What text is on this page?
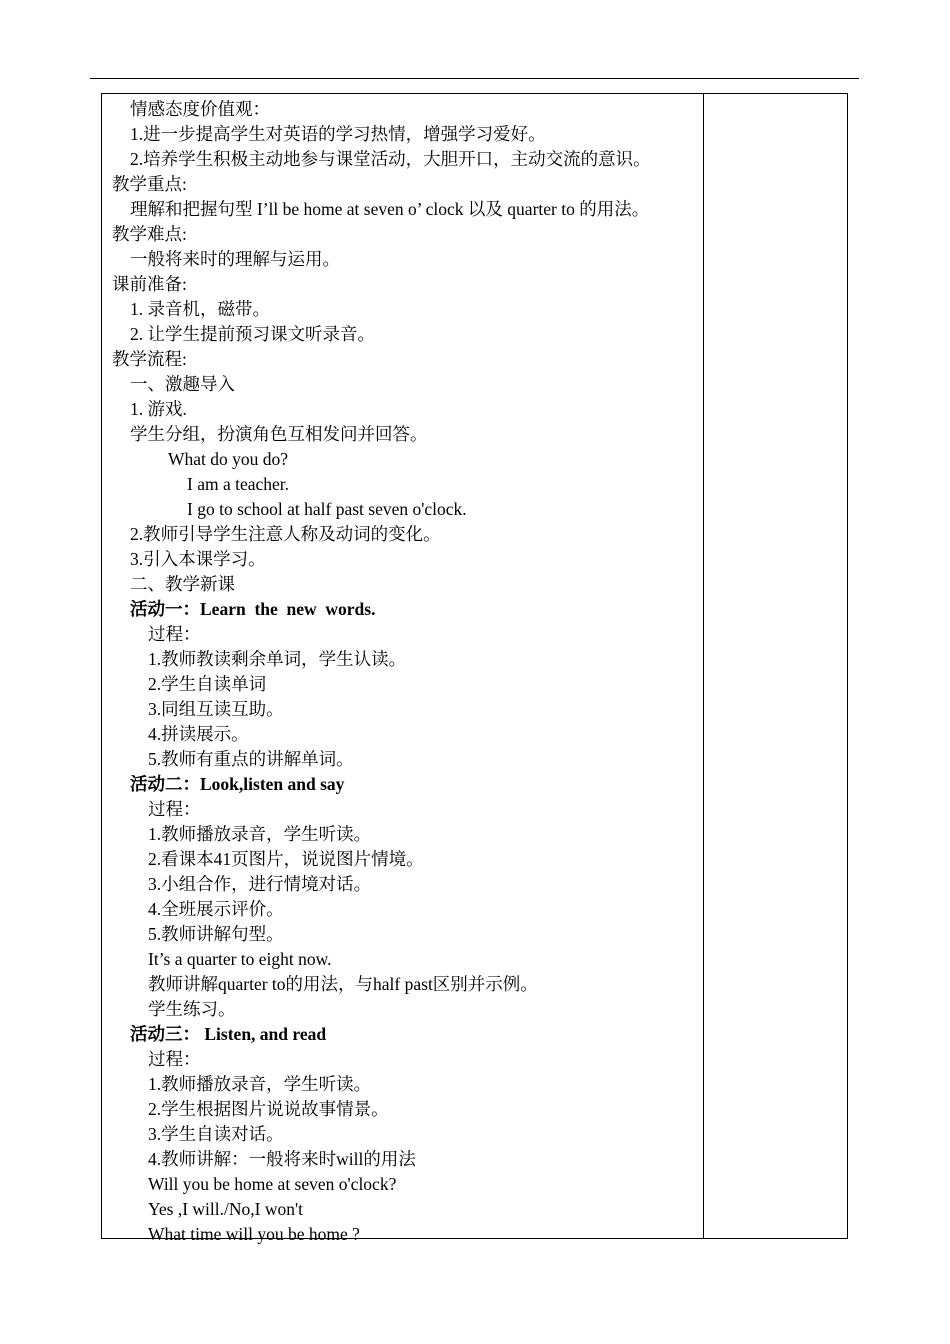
情感态度价值观：
1.进一步提高学生对英语的学习热情，增强学习爱好。
2.培养学生积极主动地参与课堂活动，大胆开口，主动交流的意识。
教学重点:
理解和把握句型 I’ll be home at seven o’ clock 以及 quarter to 的用法。
教学难点:
一般将来时的理解与运用。
课前准备:
1. 录音机，磁带。
2. 让学生提前预习课文听录音。
教学流程:
一、激趣导入
1. 游戏.
学生分组，扮演角色互相发问并回答。
What do you do?
I am a teacher.
I go to school at half past seven o'clock.
2.教师引导学生注意人称及动词的变化。
3.引入本课学习。
二、教学新课
活动一：Learn  the  new  words.
过程：
1.教师教读剩余单词，学生认读。
2.学生自读单词
3.同组互读互助。
4.拼读展示。
5.教师有重点的讲解单词。
活动二：Look,listen and say
过程：
1.教师播放录音，学生听读。
2.看课本41页图片，说说图片情境。
3.小组合作，进行情境对话。
4.全班展示评价。
5.教师讲解句型。
It’s a quarter to eight now.
教师讲解quarter to的用法，与half past区别并示例。
学生练习。
活动三： Listen, and read
过程：
1.教师播放录音，学生听读。
2.学生根据图片说说故事情景。
3.学生自读对话。
4.教师讲解：一般将来时will的用法
Will you be home at seven o'clock?
Yes ,I will./No,I won't
What time will you be home ?
